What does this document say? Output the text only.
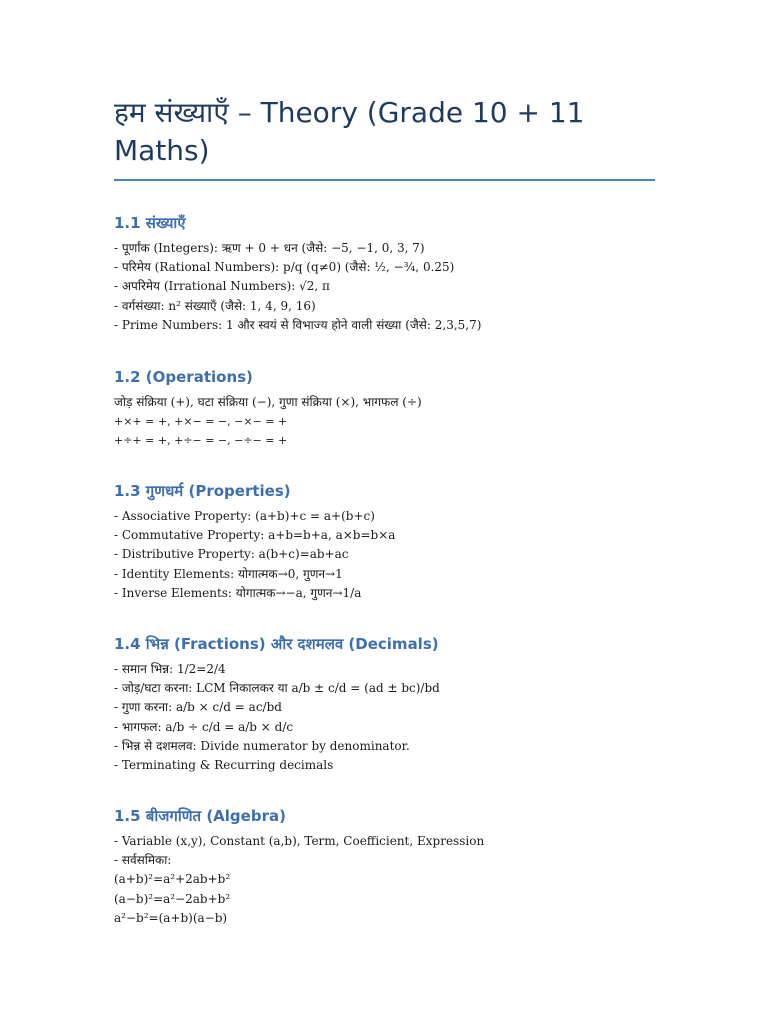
हम संख्याएँ – Theory (Grade 10 + 11 Maths)
1.1 संख्याएँ
- पूर्णांक (Integers): ऋण + 0 + धन (जैसे: −5, −1, 0, 3, 7)
- परिमेय (Rational Numbers): p/q (q≠0) (जैसे: ½, −¾, 0.25)
- अपरिमेय (Irrational Numbers): √2, π
- वर्गसंख्या: n² संख्याएँ (जैसे: 1, 4, 9, 16)
- Prime Numbers: 1 और स्वयं से विभाज्य होने वाली संख्या (जैसे: 2,3,5,7)
1.2 (Operations)
जोड़ संक्रिया (+), घटा संक्रिया (−), गुणा संक्रिया (×), भागफल (÷)
+×+ = +, +×− = −, −×− = +
+÷+ = +, +÷− = −, −÷− = +
1.3 गुणधर्म (Properties)
- Associative Property: (a+b)+c = a+(b+c)
- Commutative Property: a+b=b+a, a×b=b×a
- Distributive Property: a(b+c)=ab+ac
- Identity Elements: योगात्मक→0, गुणन→1
- Inverse Elements: योगात्मक→−a, गुणन→1/a
1.4 भिन्न (Fractions) और दशमलव (Decimals)
- समान भिन्न: 1/2=2/4
- जोड़/घटा करना: LCM निकालकर या a/b ± c/d = (ad ± bc)/bd
- गुणा करना: a/b × c/d = ac/bd
- भागफल: a/b ÷ c/d = a/b × d/c
- भिन्न से दशमलव: Divide numerator by denominator.
- Terminating & Recurring decimals
1.5 बीजगणित (Algebra)
- Variable (x,y), Constant (a,b), Term, Coefficient, Expression
- सर्वसमिका:
(a+b)²=a²+2ab+b²
(a−b)²=a²−2ab+b²
a²−b²=(a+b)(a−b)
